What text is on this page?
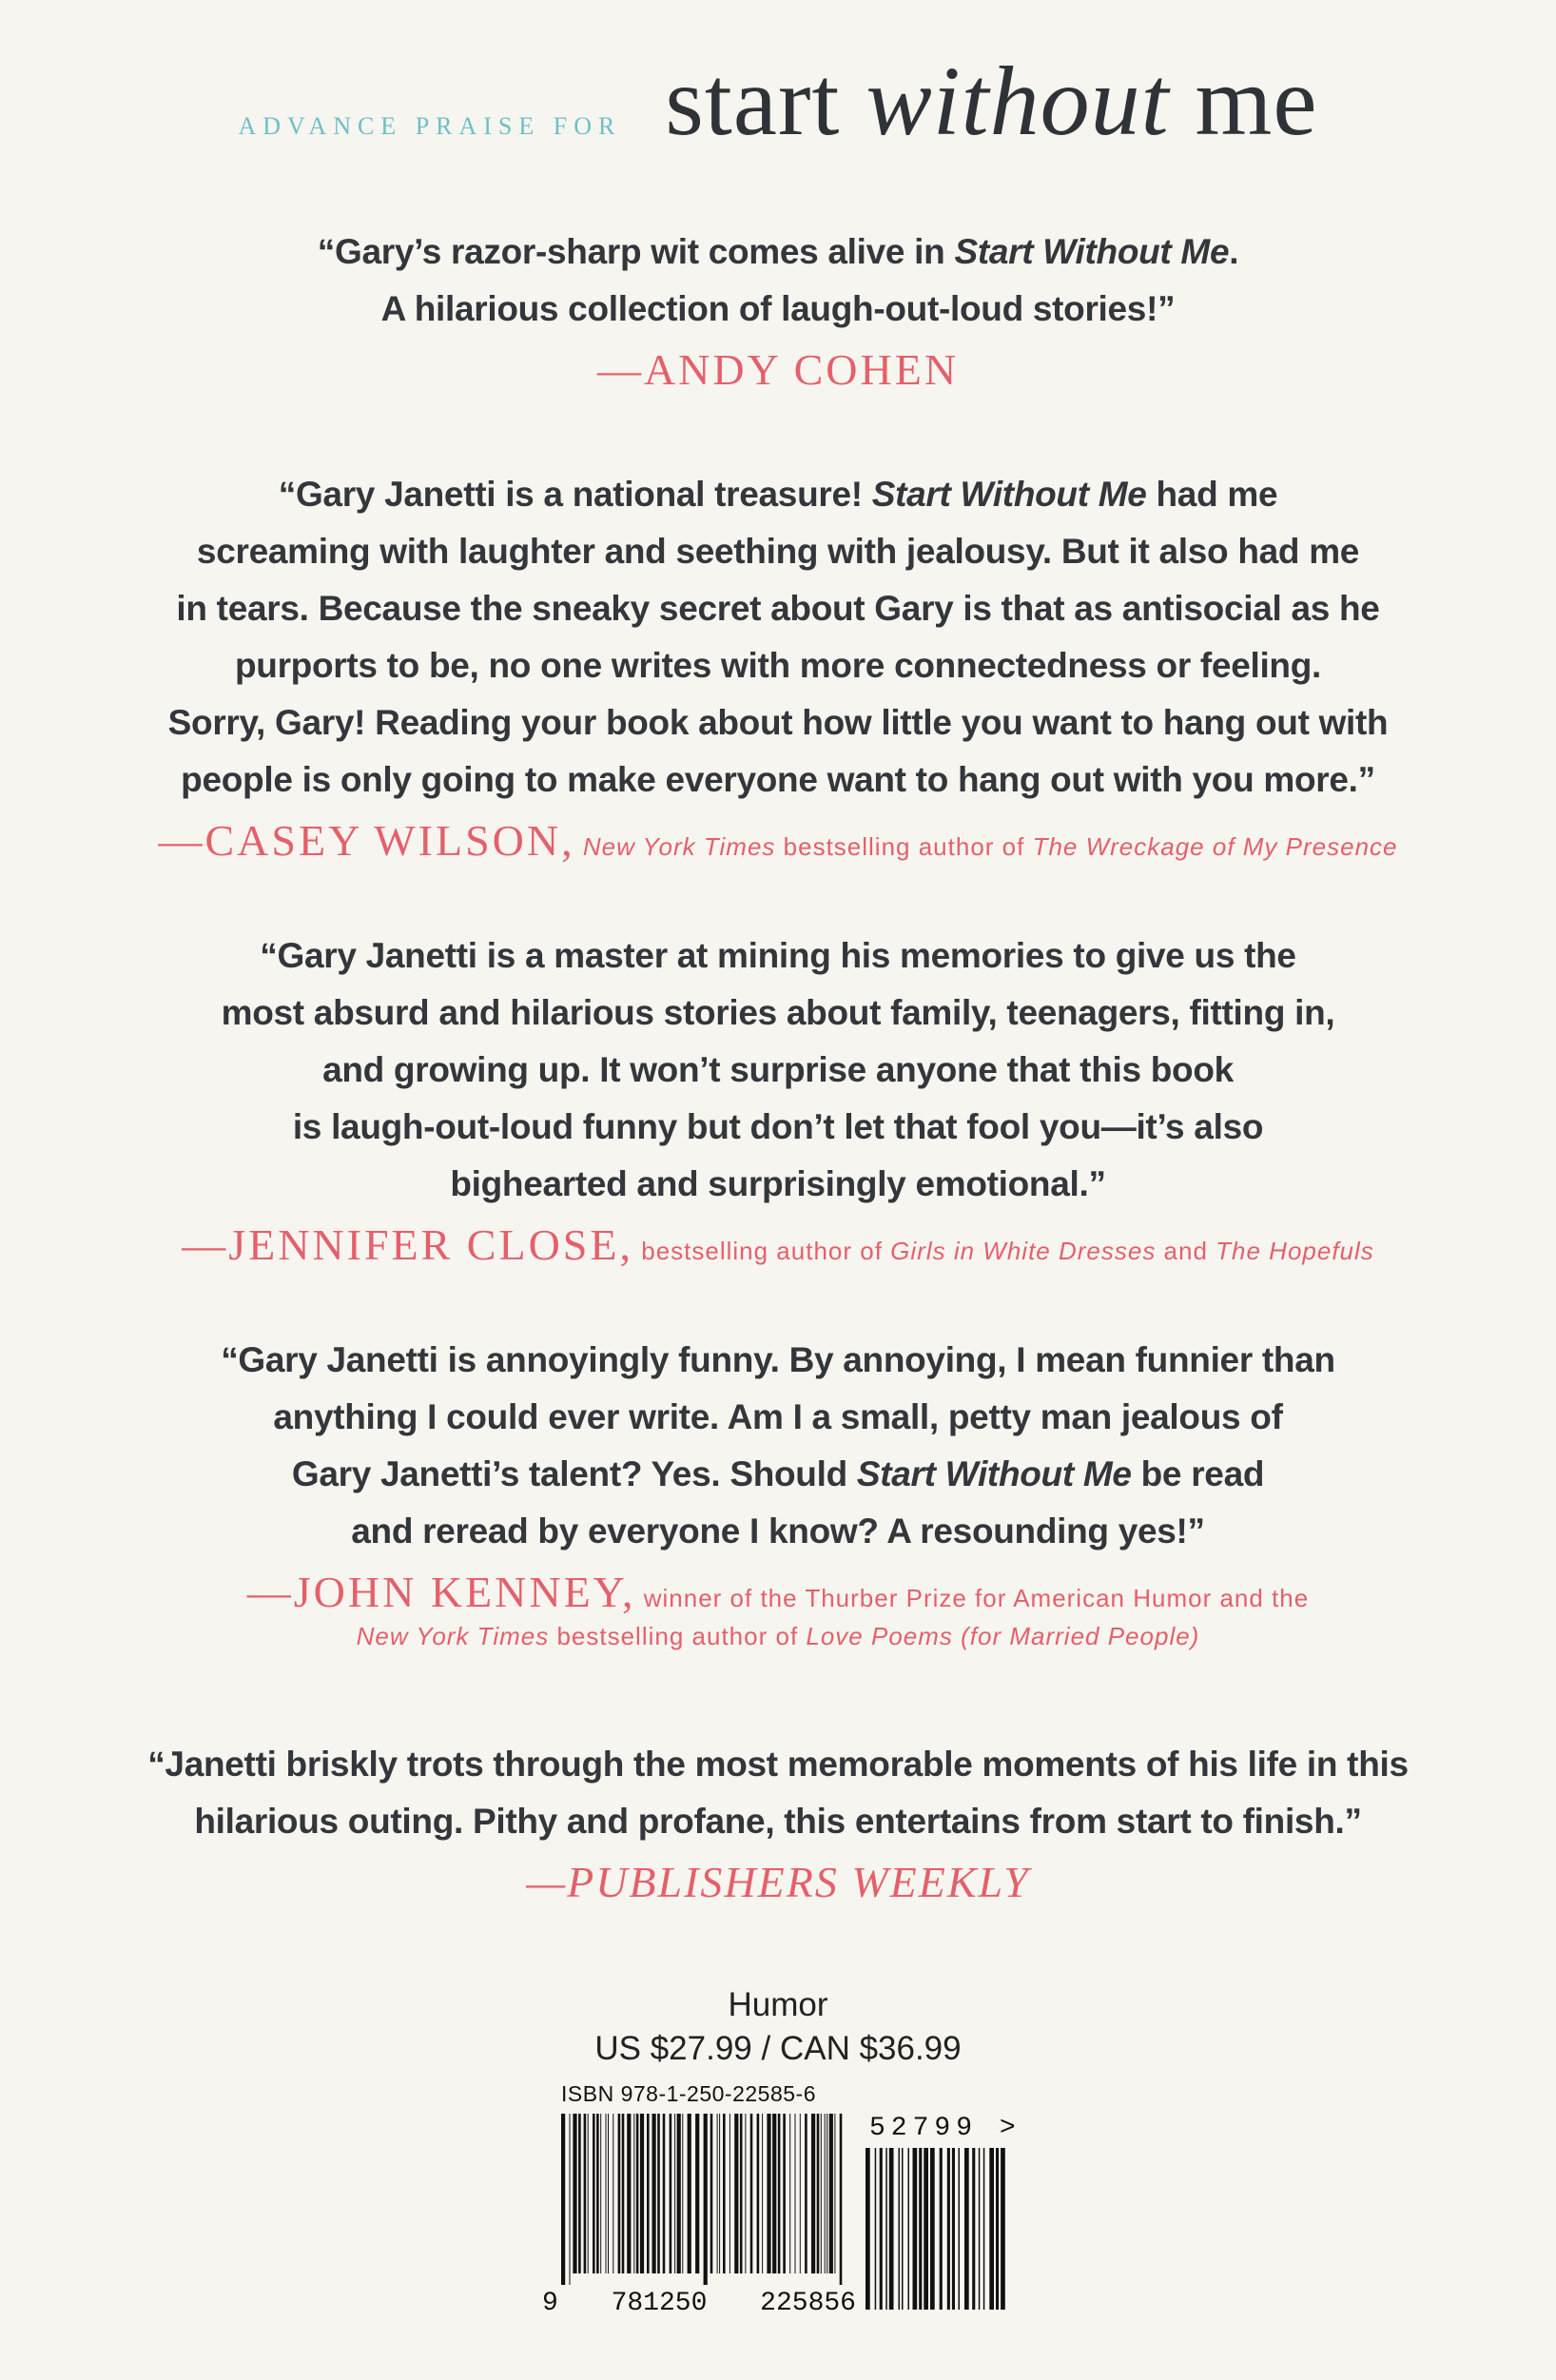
ADVANCE PRAISE FOR start without me

“Gary’s razor-sharp wit comes alive in Start Without Me.

A hilarious collection of laugh-out-loud stories!”

—ANDY COHEN

“Gary Janetti is a national treasure! Start Without Me had me

screaming with laughter and seething with jealousy. But it also had me

in tears. Because the sneaky secret about Gary is that as antisocial as he

purports to be, no one writes with more connectedness or feeling.

Sorry, Gary! Reading your book about how little you want to hang out with

people is only going to make everyone want to hang out with you more.”

—CASEY WILSON, New York Times bestselling author of The Wreckage of My Presence

“Gary Janetti is a master at mining his memories to give us the

most absurd and hilarious stories about family, teenagers, fitting in,

and growing up. It won’t surprise anyone that this book

is laugh-out-loud funny but don’t let that fool you—it’s also

bighearted and surprisingly emotional.”

—JENNIFER CLOSE, bestselling author of Girls in White Dresses and The Hopefuls

“Gary Janetti is annoyingly funny. By annoying, I mean funnier than

anything I could ever write. Am I a small, petty man jealous of

Gary Janetti’s talent? Yes. Should Start Without Me be read

and reread by everyone I know? A resounding yes!”

—JOHN KENNEY, winner of the Thurber Prize for American Humor and the
New York Times bestselling author of Love Poems (for Married People)

“Janetti briskly trots through the most memorable moments of his life in this

hilarious outing. Pithy and profane, this entertains from start to finish.”

—PUBLISHERS WEEKLY
Humor
US $27.99 / CAN $36.99
ISBN 978-1-250-22585-6
52799 >
9 781250 225856
